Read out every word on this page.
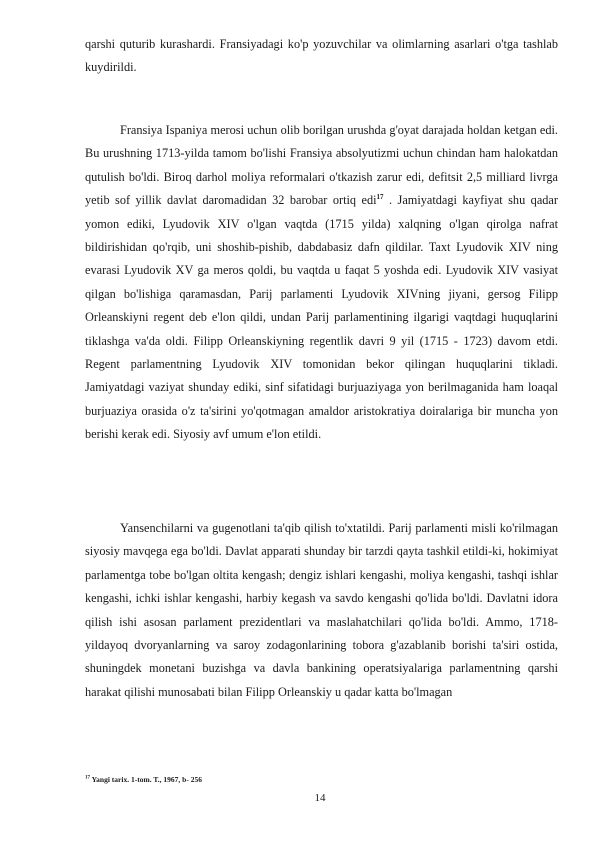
qarshi quturib kurashardi. Fransiyadagi ko'p yozuvchilar va olimlarning asarlari o'tga tashlab kuydirildi.

Fransiya Ispaniya merosi uchun olib borilgan urushda g'oyat darajada holdan ketgan edi. Bu urushning 1713-yilda tamom bo'lishi Fransiya absolyutizmi uchun chindan ham halokatdan qutulish bo'ldi. Biroq darhol moliya reformalari o'tkazish zarur edi, defitsit 2,5 milliard livrga yetib sof yillik davlat daromadidan 32 barobar ortiq edi$^{17}$ . Jamiyatdagi kayfiyat shu qadar yomon ediki, Lyudovik XIV o'lgan vaqtda (1715 yilda) xalqning o'lgan qirolga nafrat bildirishidan qo'rqib, uni shoshib-pishib, dabdabasiz dafn qildilar. Taxt Lyudovik XIV ning evarasi Lyudovik XV ga meros qoldi, bu vaqtda u faqat 5 yoshda edi. Lyudovik XIV vasiyat qilgan bo'lishiga qaramasdan, Parij parlamenti Lyudovik XIVning jiyani, gersog Filipp Orleanskiyni regent deb e'lon qildi, undan Parij parlamentining ilgarigi vaqtdagi huquqlarini tiklashga va'da oldi. Filipp Orleanskiyning regentlik davri 9 yil (1715 - 1723) davom etdi. Regent parlamentning Lyudovik XIV tomonidan bekor qilingan huquqlarini tikladi. Jamiyatdagi vaziyat shunday ediki, sinf sifatidagi burjuaziyaga yon berilmaganida ham loaqal burjuaziya orasida o'z ta'sirini yo'qotmagan amaldor aristokratiya doiralariga bir muncha yon berishi kerak edi. Siyosiy avf umum e'lon etildi.

Yansenchilarni va gugenotlani ta'qib qilish to'xtatildi. Parij parlamenti misli ko'rilmagan siyosiy mavqega ega bo'ldi. Davlat apparati shunday bir tarzdi qayta tashkil etildi-ki, hokimiyat parlamentga tobe bo'lgan oltita kengash; dengiz ishlari kengashi, moliya kengashi, tashqi ishlar kengashi, ichki ishlar kengashi, harbiy kegash va savdo kengashi qo'lida bo'ldi. Davlatni idora qilish ishi asosan parlament prezidentlari va maslahatchilari qo'lida bo'ldi. Ammo, 1718-yildayoq dvoryanlarning va saroy zodagonlarining tobora g'azablanib borishi ta'siri ostida, shuningdek monetani buzishga va davla bankining operatsiyalariga parlamentning qarshi harakat qilishi munosabati bilan Filipp Orleanskiy u qadar katta bo'lmagan

$^{17}$ Yangi tarix. 1-tom. T., 1967, b- 256
14
